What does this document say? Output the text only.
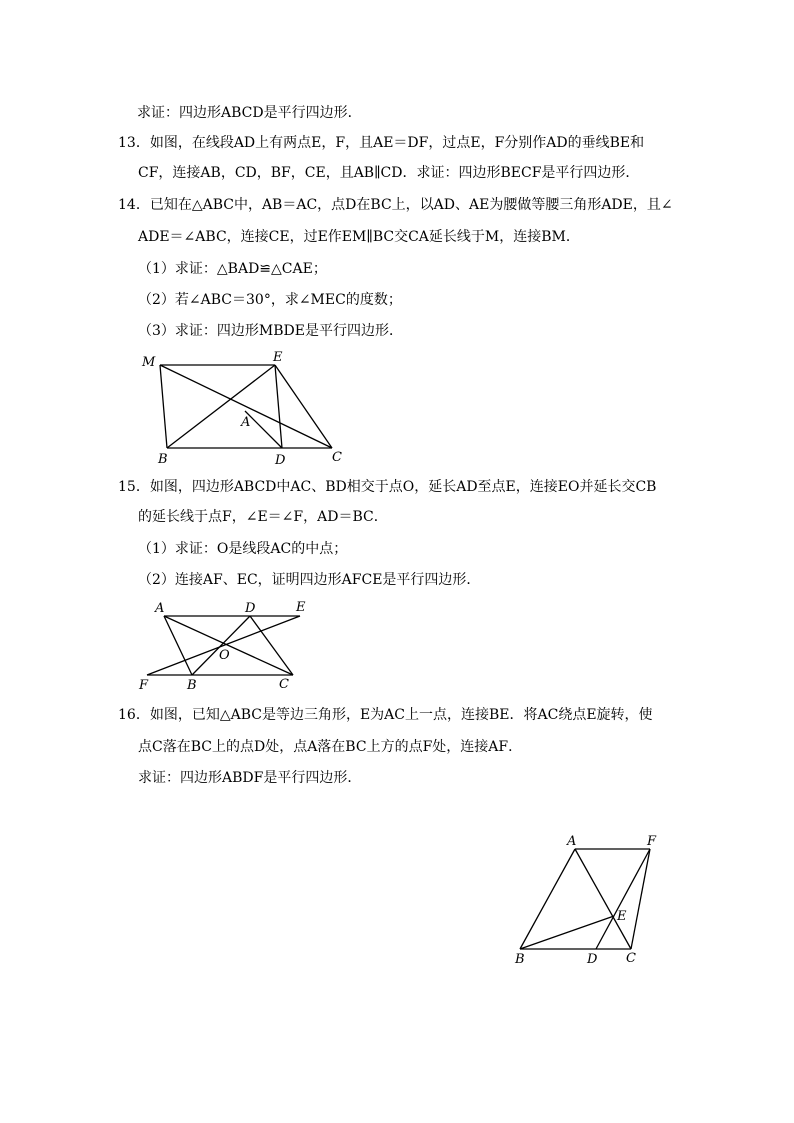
求证：四边形ABCD是平行四边形．
13．如图，在线段AD上有两点E，F，且AE＝DF，过点E，F分别作AD的垂线BE和
CF，连接AB，CD，BF，CE，且AB∥CD．求证：四边形BECF是平行四边形．
14．已知在△ABC中，AB＝AC，点D在BC上，以AD、AE为腰做等腰三角形ADE，且∠
ADE＝∠ABC，连接CE，过E作EM∥BC交CA延长线于M，连接BM．
（1）求证：△BAD≌△CAE；
（2）若∠ABC＝30°，求∠MEC的度数；
（3）求证：四边形MBDE是平行四边形．
M	E
A
B	D	C
15．如图，四边形ABCD中AC、BD相交于点O，延长AD至点E，连接EO并延长交CB
的延长线于点F，∠E＝∠F，AD＝BC．
（1）求证：O是线段AC的中点；
（2）连接AF、EC，证明四边形AFCE是平行四边形．
A	D	E
O
F	B	C
16．如图，已知△ABC是等边三角形，E为AC上一点，连接BE．将AC绕点E旋转，使
点C落在BC上的点D处，点A落在BC上方的点F处，连接AF．
求证：四边形ABDF是平行四边形．
A	F
E
B	D C
